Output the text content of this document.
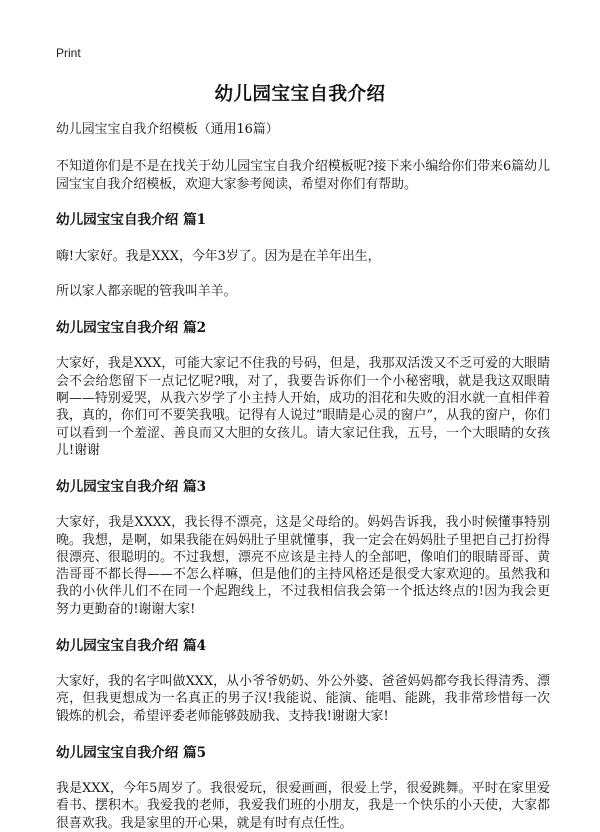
Print
幼儿园宝宝自我介绍

幼儿园宝宝自我介绍模板（通用16篇）

不知道你们是不是在找关于幼儿园宝宝自我介绍模板呢?接下来小编给你们带来6篇幼儿园宝宝自我介绍模板，欢迎大家参考阅读，希望对你们有帮助。

幼儿园宝宝自我介绍 篇1

嗨!大家好。我是XXX，今年3岁了。因为是在羊年出生，

所以家人都亲昵的管我叫羊羊。

幼儿园宝宝自我介绍 篇2

大家好，我是XXX，可能大家记不住我的号码，但是，我那双活泼又不乏可爱的大眼睛会不会给您留下一点记忆呢?哦，对了，我要告诉你们一个小秘密哦，就是我这双眼睛啊——特别爱哭，从我六岁学了小主持人开始，成功的泪花和失败的泪水就一直相伴着我，真的，你们可不要笑我哦。记得有人说过“眼睛是心灵的窗户”，从我的窗户，你们可以看到一个羞涩、善良而又大胆的女孩儿。请大家记住我，五号，一个大眼睛的女孩儿!谢谢

幼儿园宝宝自我介绍 篇3

大家好，我是XXXX，我长得不漂亮，这是父母给的。妈妈告诉我，我小时候懂事特别晚。我想，是啊，如果我能在妈妈肚子里就懂事，我一定会在妈妈肚子里把自己打扮得很漂亮、很聪明的。不过我想，漂亮不应该是主持人的全部吧，像咱们的眼睛哥哥、黄浩哥哥不都长得——不怎么样嘛，但是他们的主持风格还是很受大家欢迎的。虽然我和我的小伙伴儿们不在同一个起跑线上，不过我相信我会第一个抵达终点的!因为我会更努力更勤奋的!谢谢大家!

幼儿园宝宝自我介绍 篇4

大家好，我的名字叫做XXX，从小爷爷奶奶、外公外婆、爸爸妈妈都夸我长得清秀、漂亮，但我更想成为一名真正的男子汉!我能说、能演、能唱、能跳，我非常珍惜每一次锻炼的机会，希望评委老师能够鼓励我、支持我!谢谢大家!

幼儿园宝宝自我介绍 篇5

我是XXX，今年5周岁了。我很爱玩，很爱画画，很爱上学，很爱跳舞。平时在家里爱看书、摆积木。我爱我的老师，我爱我们班的小朋友，我是一个快乐的小天使，大家都很喜欢我。我是家里的开心果，就是有时有点任性。
